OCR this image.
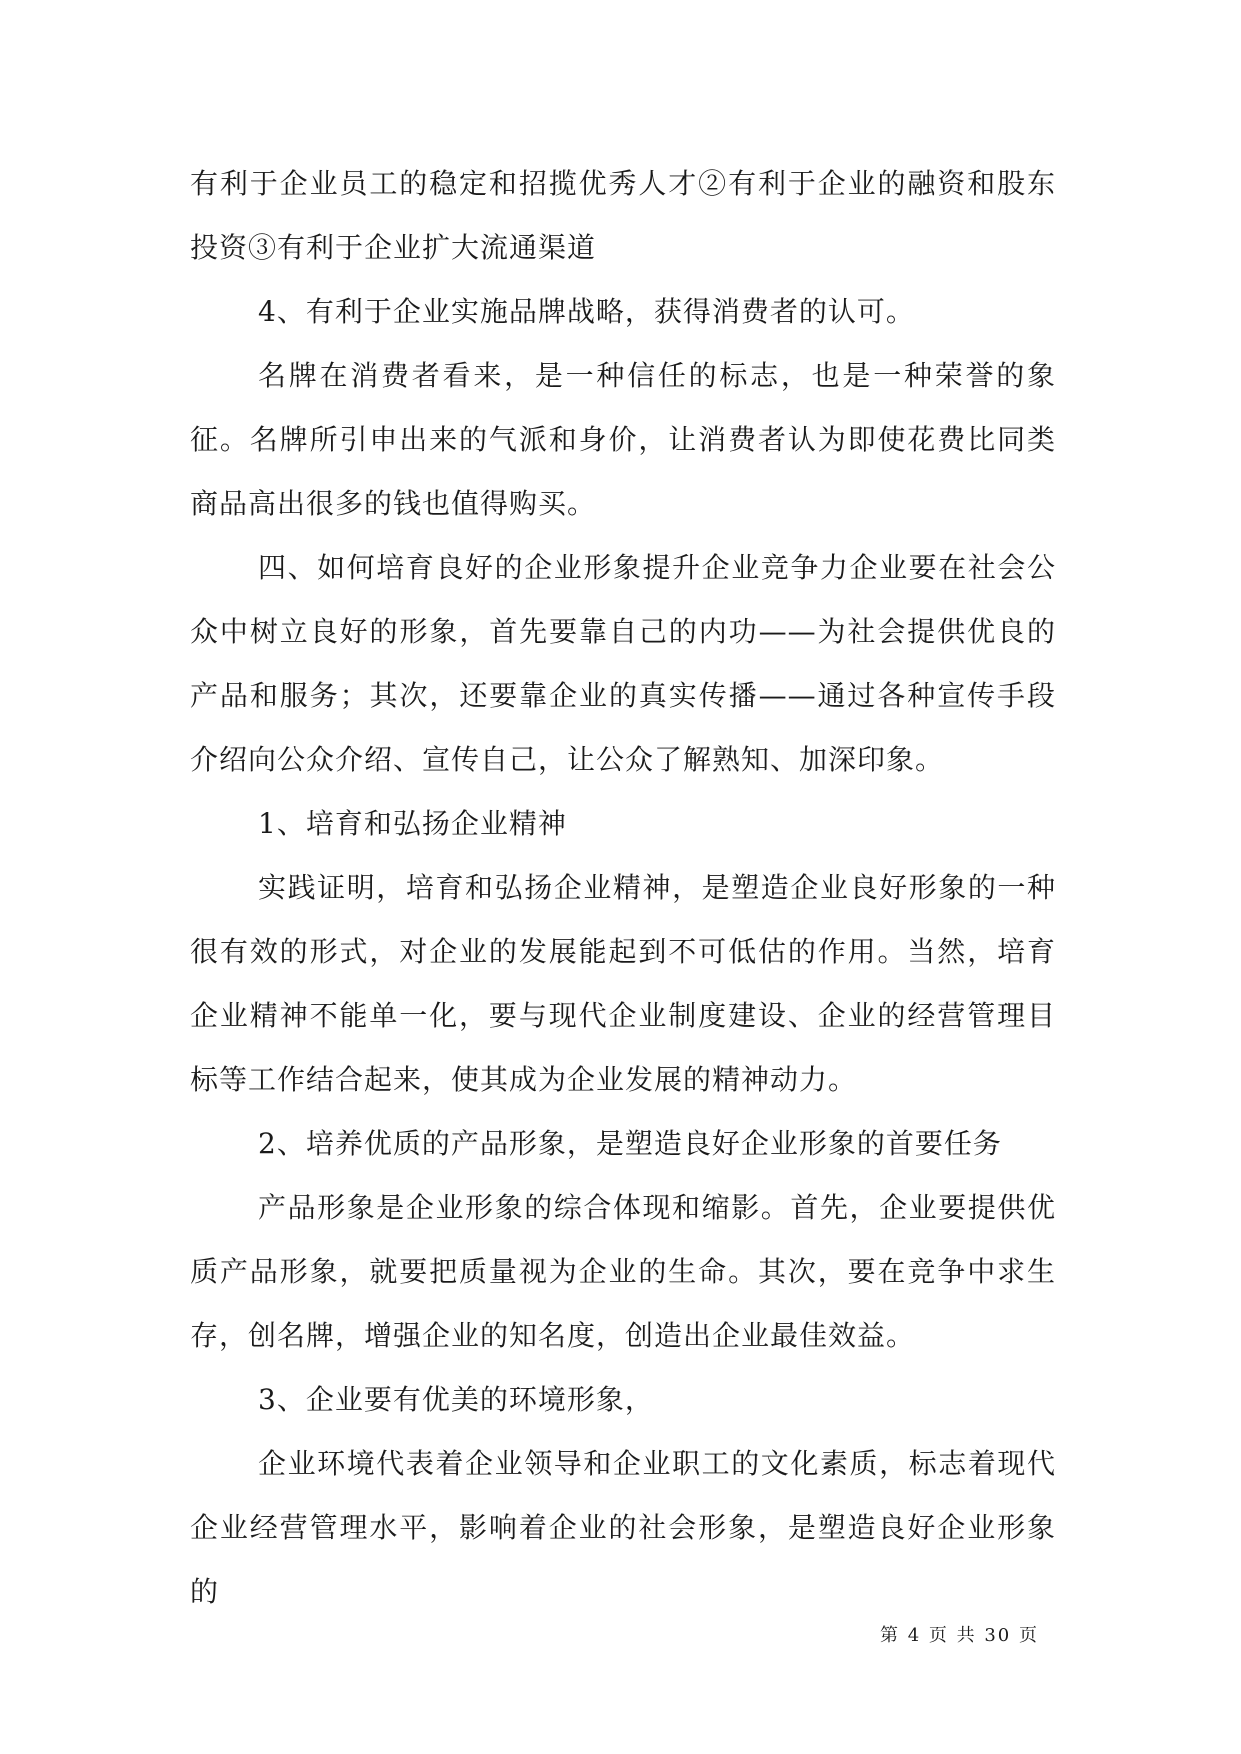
有利于企业员工的稳定和招揽优秀人才②有利于企业的融资和股东投资③有利于企业扩大流通渠道

4、有利于企业实施品牌战略，获得消费者的认可。

名牌在消费者看来，是一种信任的标志，也是一种荣誉的象征。名牌所引申出来的气派和身价，让消费者认为即使花费比同类商品高出很多的钱也值得购买。

四、如何培育良好的企业形象提升企业竞争力企业要在社会公众中树立良好的形象，首先要靠自己的内功——为社会提供优良的产品和服务；其次，还要靠企业的真实传播——通过各种宣传手段介绍向公众介绍、宣传自己，让公众了解熟知、加深印象。

1、培育和弘扬企业精神

实践证明，培育和弘扬企业精神，是塑造企业良好形象的一种很有效的形式，对企业的发展能起到不可低估的作用。当然，培育企业精神不能单一化，要与现代企业制度建设、企业的经营管理目标等工作结合起来，使其成为企业发展的精神动力。

2、培养优质的产品形象，是塑造良好企业形象的首要任务

产品形象是企业形象的综合体现和缩影。首先，企业要提供优质产品形象，就要把质量视为企业的生命。其次，要在竞争中求生存，创名牌，增强企业的知名度，创造出企业最佳效益。

3、企业要有优美的环境形象，

企业环境代表着企业领导和企业职工的文化素质，标志着现代企业经营管理水平，影响着企业的社会形象，是塑造良好企业形象的

第 4 页 共 30 页
